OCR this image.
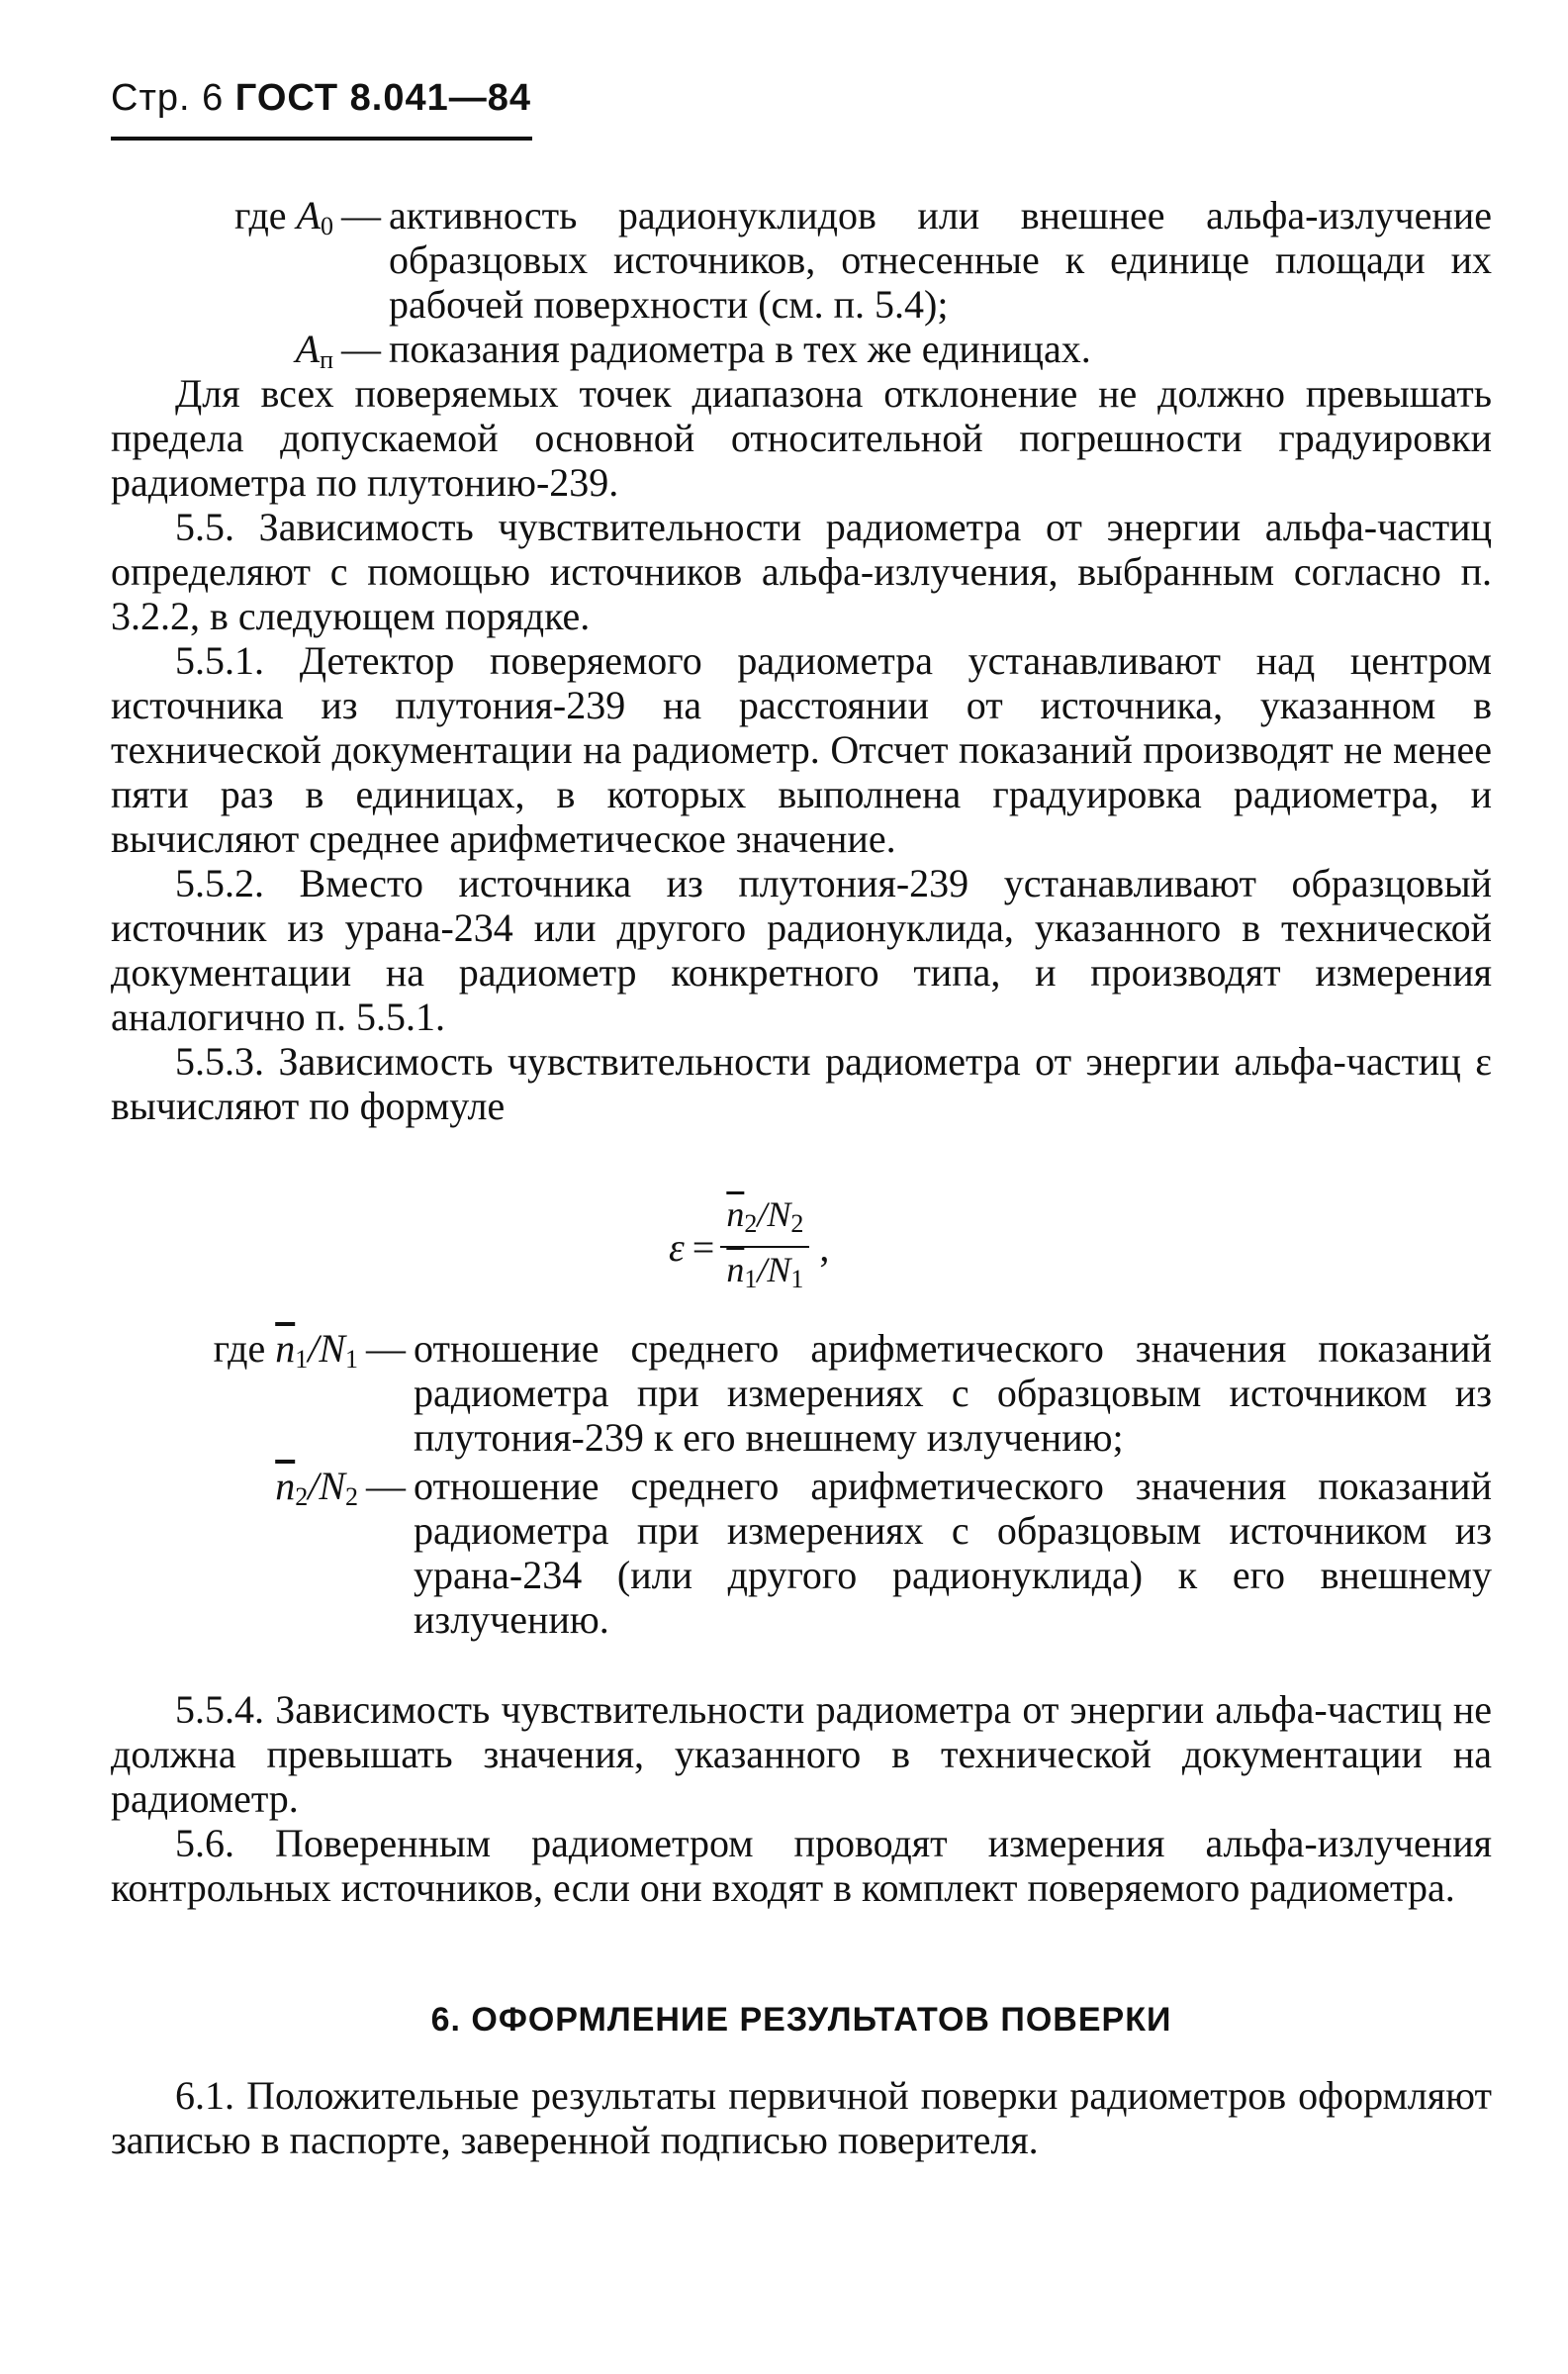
Стр. 6 ГОСТ 8.041—84
где $А_0$ — активность радионуклидов или внешнее альфа-излучение образцовых источников, отнесенные к единице площади их рабочей поверхности (см. п. 5.4);
$А_п$ — показания радиометра в тех же единицах.

Для всех поверяемых точек диапазона отклонение не должно превышать предела допускаемой основной относительной погрешности градуировки радиометра по плутонию-239.

5.5. Зависимость чувствительности радиометра от энергии альфа-частиц определяют с помощью источников альфа-излучения, выбранным согласно п. 3.2.2, в следующем порядке.

5.5.1. Детектор поверяемого радиометра устанавливают над центром источника из плутония-239 на расстоянии от источника, указанном в технической документации на радиометр. Отсчет показаний производят не менее пяти раз в единицах, в которых выполнена градуировка радиометра, и вычисляют среднее арифметическое значение.

5.5.2. Вместо источника из плутония-239 устанавливают образцовый источник из урана-234 или другого радионуклида, указанного в технической документации на радиометр конкретного типа, и производят измерения аналогично п. 5.5.1.

5.5.3. Зависимость чувствительности радиометра от энергии альфа-частиц ε вычисляют по формуле

$\varepsilon = \frac{\overline{n}_2/N_2}{\overline{n}_1/N_1}$ ,
где $\overline{n}_1/N_1$ — отношение среднего арифметического значения показаний радиометра при измерениях с образцовым источником из плутония-239 к его внешнему излучению;
$\overline{n}_2/N_2$ — отношение среднего арифметического значения показаний радиометра при измерениях с образцовым источником из урана-234 (или другого радионуклида) к его внешнему излучению.

5.5.4. Зависимость чувствительности радиометра от энергии альфа-частиц не должна превышать значения, указанного в технической документации на радиометр.

5.6. Поверенным радиометром проводят измерения альфа-излучения контрольных источников, если они входят в комплект поверяемого радиометра.

6. ОФОРМЛЕНИЕ РЕЗУЛЬТАТОВ ПОВЕРКИ

6.1. Положительные результаты первичной поверки радиометров оформляют записью в паспорте, заверенной подписью поверителя.
